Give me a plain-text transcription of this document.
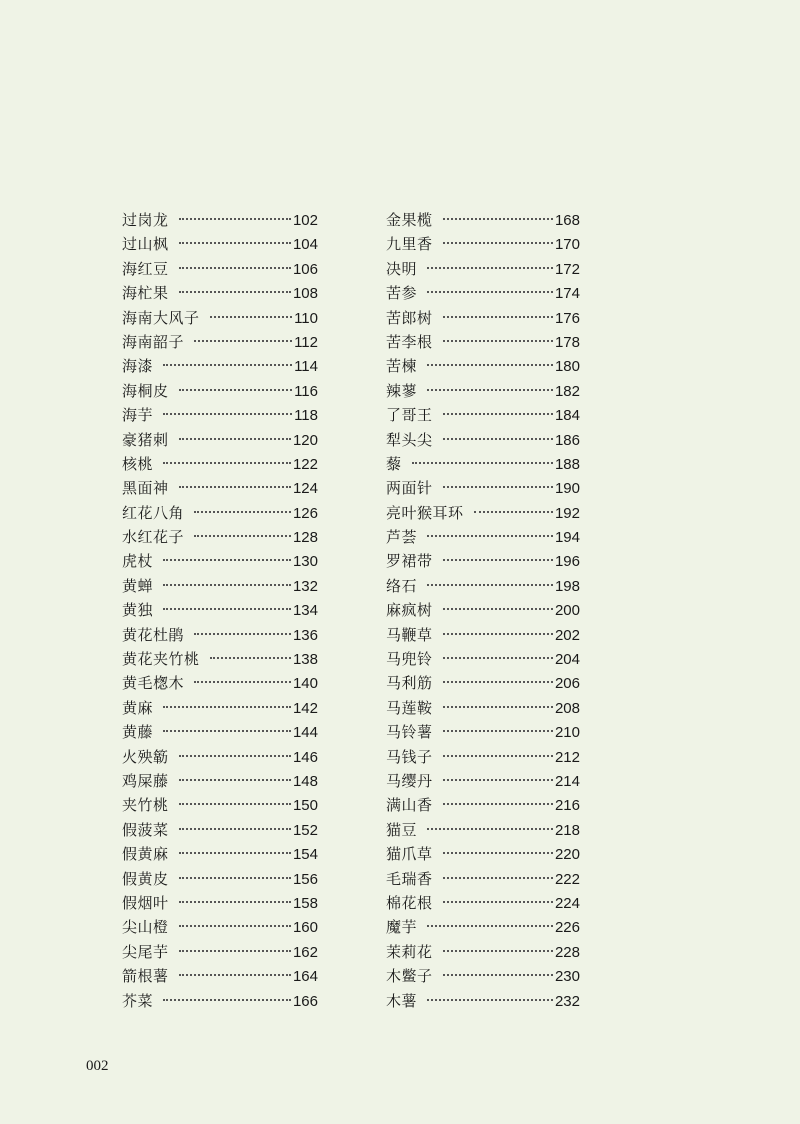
过岗龙	102
过山枫	104
海红豆	106
海杧果	108
海南大风子	110
海南韶子	112
海漆	114
海桐皮	116
海芋	118
豪猪刺	120
核桃	122
黑面神	124
红花八角	126
水红花子	128
虎杖	130
黄蝉	132
黄独	134
黄花杜鹃	136
黄花夹竹桃	138
黄毛楤木	140
黄麻	142
黄藤	144
火殃簕	146
鸡屎藤	148
夹竹桃	150
假菠菜	152
假黄麻	154
假黄皮	156
假烟叶	158
尖山橙	160
尖尾芋	162
箭根薯	164
芥菜	166
金果榄	168
九里香	170
决明	172
苦参	174
苦郎树	176
苦李根	178
苦楝	180
辣蓼	182
了哥王	184
犁头尖	186
藜	188
两面针	190
亮叶猴耳环	192
芦荟	194
罗裙带	196
络石	198
麻疯树	200
马鞭草	202
马兜铃	204
马利筋	206
马莲鞍	208
马铃薯	210
马钱子	212
马缨丹	214
满山香	216
猫豆	218
猫爪草	220
毛瑞香	222
棉花根	224
魔芋	226
茉莉花	228
木鳖子	230
木薯	232
002
